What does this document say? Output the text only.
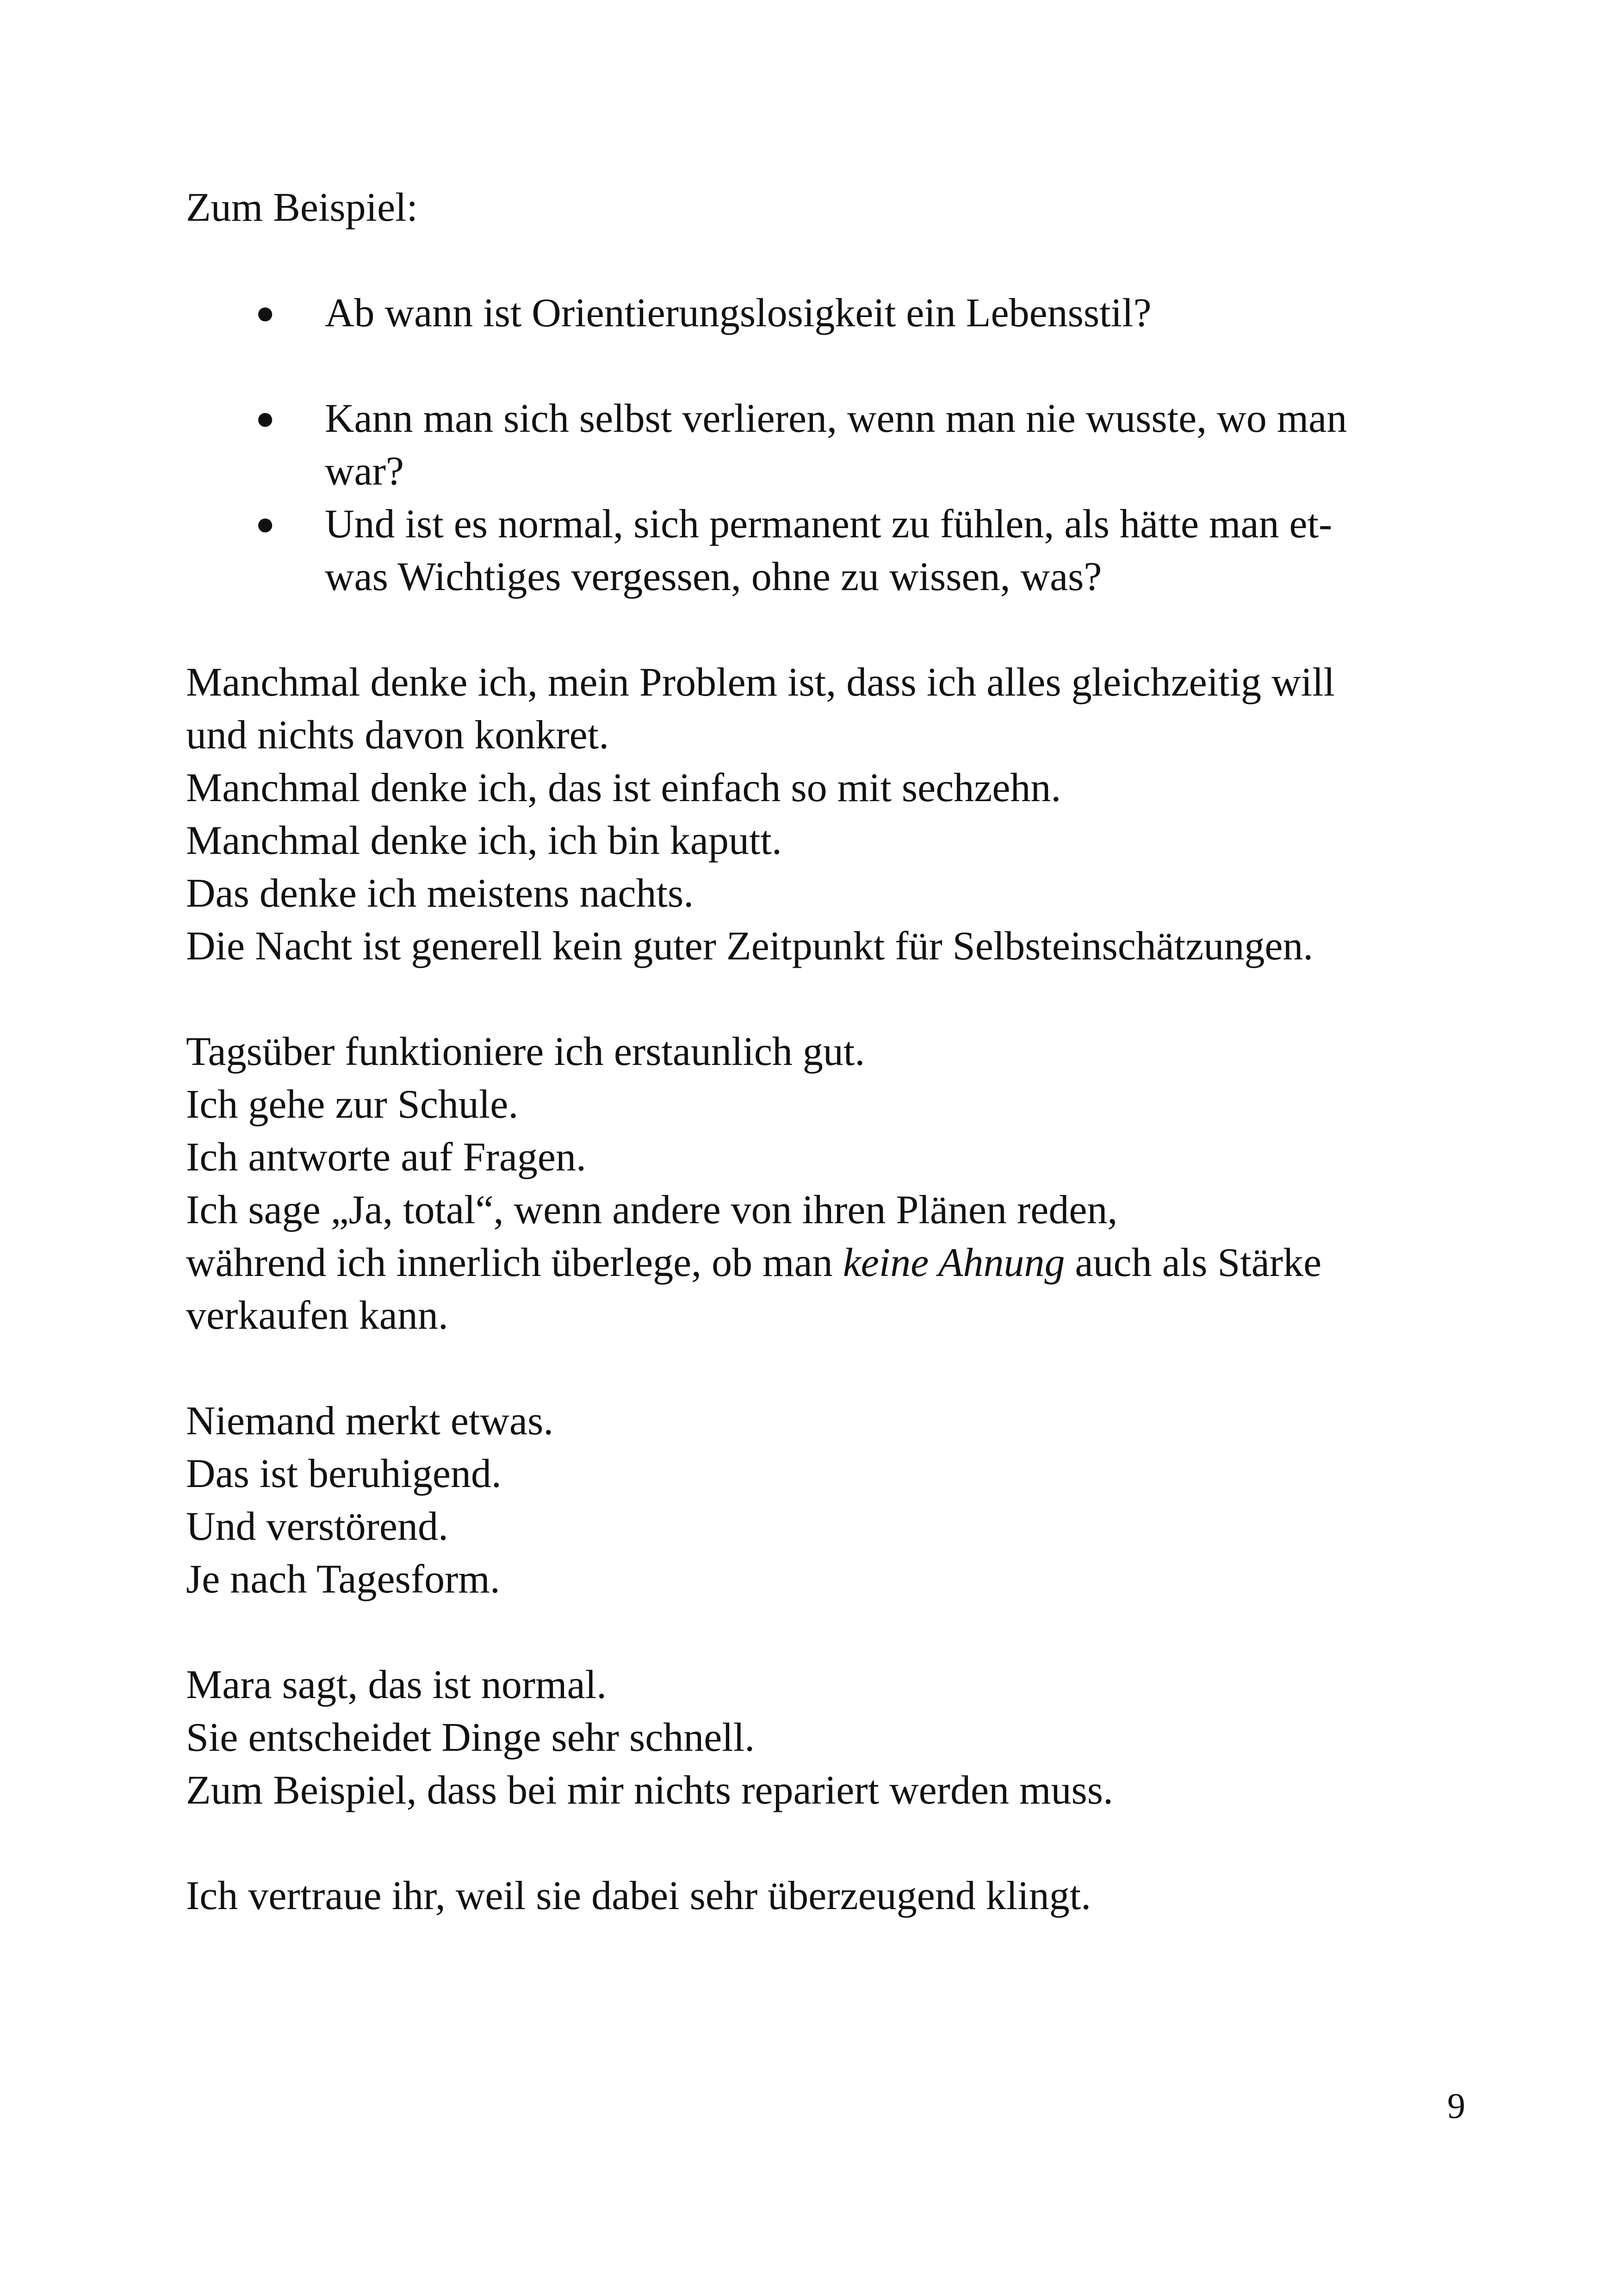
Zum Beispiel:
● Ab wann ist Orientierungslosigkeit ein Lebensstil?
● Kann man sich selbst verlieren, wenn man nie wusste, wo man
war?
● Und ist es normal, sich permanent zu fühlen, als hätte man et-
was Wichtiges vergessen, ohne zu wissen, was?
Manchmal denke ich, mein Problem ist, dass ich alles gleichzeitig will
und nichts davon konkret.
Manchmal denke ich, das ist einfach so mit sechzehn.
Manchmal denke ich, ich bin kaputt.
Das denke ich meistens nachts.
Die Nacht ist generell kein guter Zeitpunkt für Selbsteinschätzungen.
Tagsüber funktioniere ich erstaunlich gut.
Ich gehe zur Schule.
Ich antworte auf Fragen.
Ich sage „Ja, total“, wenn andere von ihren Plänen reden,
während ich innerlich überlege, ob man keine Ahnung auch als Stärke
verkaufen kann.
Niemand merkt etwas.
Das ist beruhigend.
Und verstörend.
Je nach Tagesform.
Mara sagt, das ist normal.
Sie entscheidet Dinge sehr schnell.
Zum Beispiel, dass bei mir nichts repariert werden muss.
Ich vertraue ihr, weil sie dabei sehr überzeugend klingt.
9
